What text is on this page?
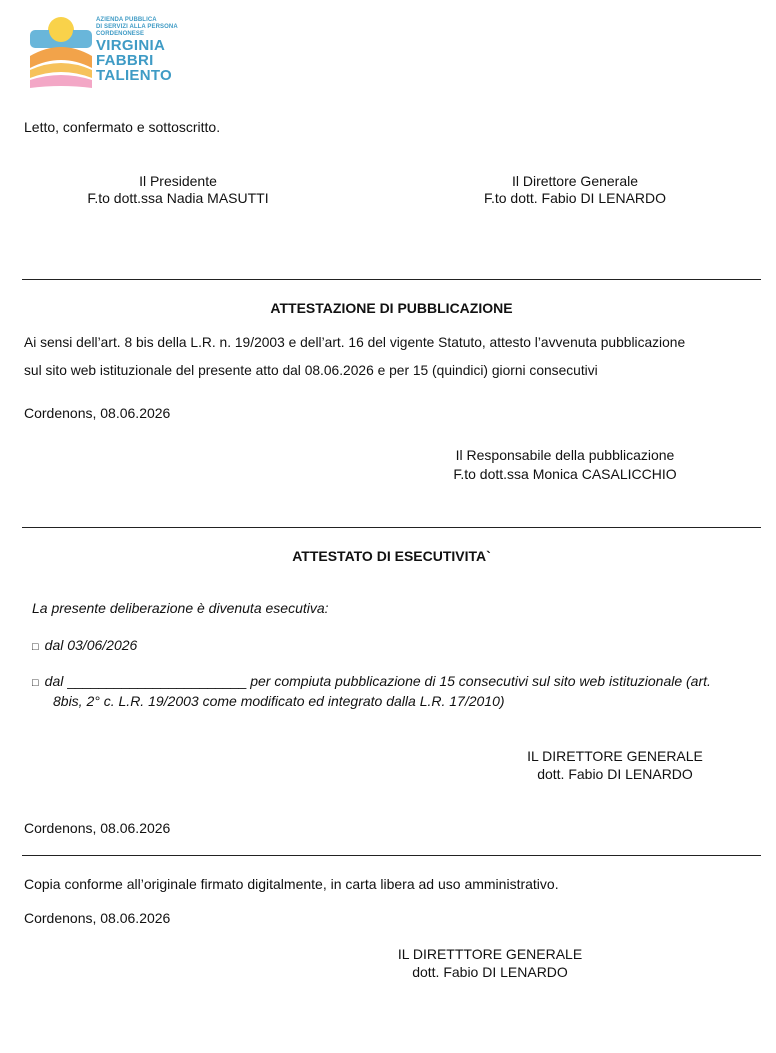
AZIENDA PUBBLICA
DI SERVIZI ALLA PERSONA
CORDENONESE
VIRGINIA
FABBRI
TALIENTO
Letto, confermato e sottoscritto.
Il Presidente
F.to dott.ssa Nadia MASUTTI
Il Direttore Generale
F.to dott. Fabio DI LENARDO
ATTESTAZIONE DI PUBBLICAZIONE
Ai sensi dell’art. 8 bis della L.R. n. 19/2003 e dell’art. 16 del vigente Statuto, attesto l’avvenuta pubblicazione
sul sito web istituzionale del presente atto dal 08.06.2026 e per 15 (quindici) giorni consecutivi
Cordenons, 08.06.2026
Il Responsabile della pubblicazione
F.to dott.ssa Monica CASALICCHIO
ATTESTATO DI ESECUTIVITA`
La presente deliberazione è divenuta esecutiva:
□ dal 03/06/2026
□ dal _______________________ per compiuta pubblicazione di 15 consecutivi sul sito web istituzionale (art.
8bis, 2° c. L.R. 19/2003 come modificato ed integrato dalla L.R. 17/2010)
IL DIRETTORE GENERALE
dott. Fabio DI LENARDO
Cordenons, 08.06.2026
Copia conforme all’originale firmato digitalmente, in carta libera ad uso amministrativo.
Cordenons, 08.06.2026
IL DIRETTTORE GENERALE
dott. Fabio DI LENARDO
